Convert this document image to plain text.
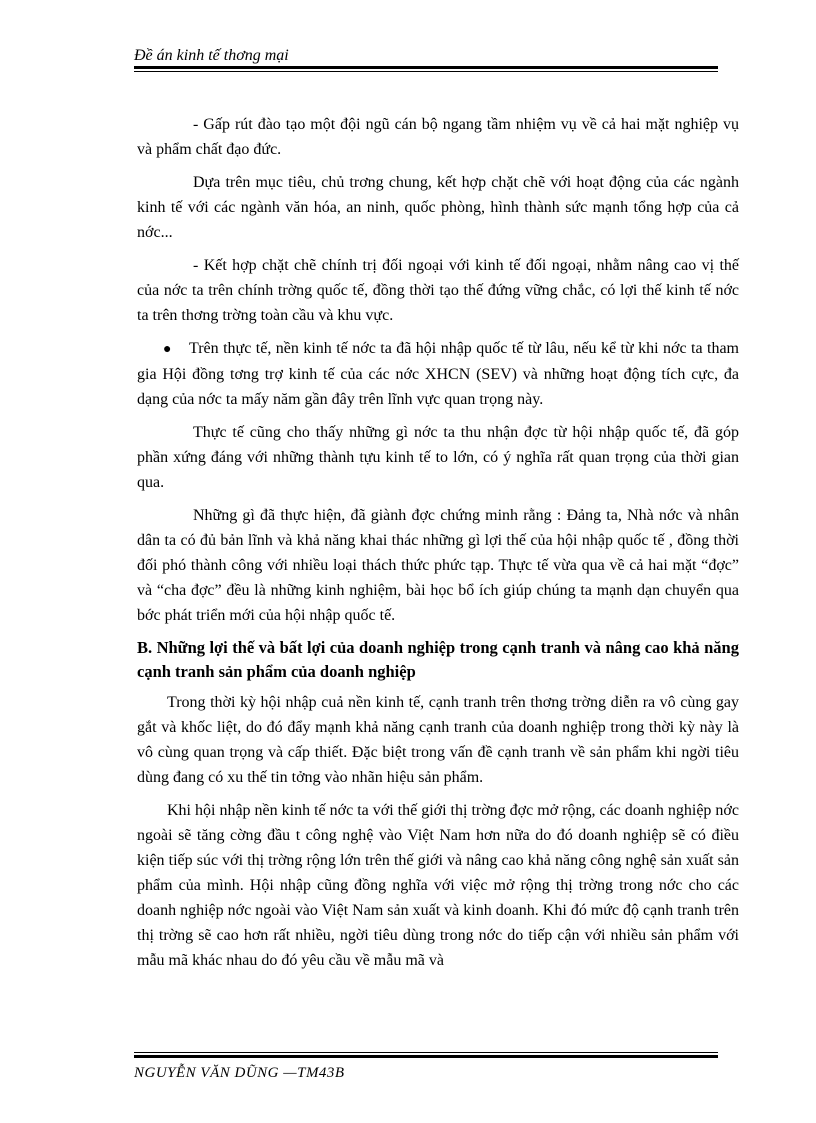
Đề án kinh tế thơng mại

- Gấp rút đào tạo một đội ngũ cán bộ ngang tầm nhiệm vụ về cả hai mặt nghiệp vụ và phẩm chất đạo đức.

Dựa trên mục tiêu, chủ trơng chung, kết hợp chặt chẽ với hoạt động của các ngành kinh tế với các ngành văn hóa, an ninh, quốc phòng, hình thành sức mạnh tổng hợp của cả nớc...

- Kết hợp chặt chẽ chính trị đối ngoại với kinh tế đối ngoại, nhằm nâng cao vị thế của nớc ta trên chính trờng quốc tế, đồng thời tạo thế đứng vững chắc, có lợi thế kinh tế nớc ta trên thơng trờng toàn cầu và khu vực.

● Trên thực tế, nền kinh tế nớc ta đã hội nhập quốc tế từ lâu, nếu kể từ khi nớc ta tham gia Hội đồng tơng trợ kinh tế của các nớc XHCN (SEV) và những hoạt động tích cực, đa dạng của nớc ta mấy năm gần đây trên lĩnh vực quan trọng này.

Thực tế cũng cho thấy những gì nớc ta thu nhận đợc từ hội nhập quốc tế, đã góp phần xứng đáng với những thành tựu kinh tế to lớn, có ý nghĩa rất quan trọng của thời gian qua.

Những gì đã thực hiện, đã giành đợc chứng minh rằng : Đảng ta, Nhà nớc và nhân dân ta có đủ bản lĩnh và khả năng khai thác những gì lợi thế của hội nhập quốc tế , đồng thời đối phó thành công với nhiều loại thách thức phức tạp. Thực tế vừa qua về cả hai mặt “đợc” và “cha đợc” đều là những kinh nghiệm, bài học bổ ích giúp chúng ta mạnh dạn chuyển qua bớc phát triển mới của hội nhập quốc tế.

B. Những lợi thế và bất lợi của doanh nghiệp trong cạnh tranh và nâng cao khả năng cạnh tranh sản phẩm của doanh nghiệp

Trong thời kỳ hội nhập cuả nền kinh tế, cạnh tranh trên thơng trờng diễn ra vô cùng gay gắt và khốc liệt, do đó đẩy mạnh khả năng cạnh tranh của doanh nghiệp trong thời kỳ này là vô cùng quan trọng và cấp thiết. Đặc biệt trong vấn đề cạnh tranh về sản phẩm khi ngời tiêu dùng đang có xu thế tin tởng vào nhãn hiệu sản phẩm.

Khi hội nhập nền kinh tế nớc ta với thế giới thị trờng đợc mở rộng, các doanh nghiệp nớc ngoài sẽ tăng cờng đầu t công nghệ vào Việt Nam hơn nữa do đó doanh nghiệp sẽ có điều kiện tiếp súc với thị trờng rộng lớn trên thế giới và nâng cao khả năng công nghệ sản xuất sản phẩm của mình. Hội nhập cũng đồng nghĩa với việc mở rộng thị trờng trong nớc cho các doanh nghiệp nớc ngoài vào Việt Nam sản xuất và kinh doanh. Khi đó mức độ cạnh tranh trên thị trờng sẽ cao hơn rất nhiều, ngời tiêu dùng trong nớc do tiếp cận với nhiều sản phẩm với mẫu mã khác nhau do đó yêu cầu về mẫu mã và

NGUYỄN VĂN DŨNG —TM43B
